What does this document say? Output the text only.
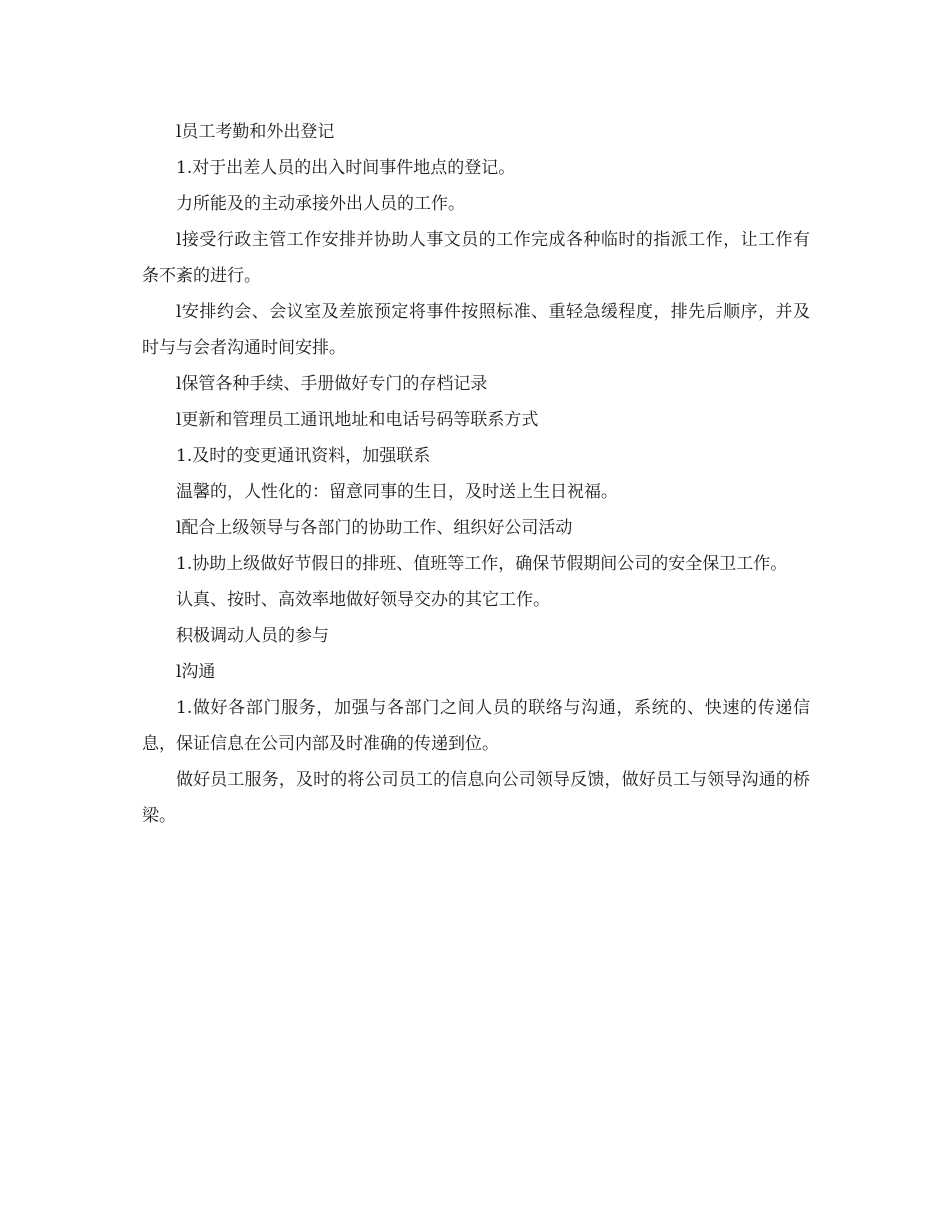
l员工考勤和外出登记

1.对于出差人员的出入时间事件地点的登记。

力所能及的主动承接外出人员的工作。

l接受行政主管工作安排并协助人事文员的工作完成各种临时的指派工作，让工作有条不紊的进行。

l安排约会、会议室及差旅预定将事件按照标准、重轻急缓程度，排先后顺序，并及时与与会者沟通时间安排。

l保管各种手续、手册做好专门的存档记录

l更新和管理员工通讯地址和电话号码等联系方式

1.及时的变更通讯资料，加强联系

温馨的，人性化的：留意同事的生日，及时送上生日祝福。

l配合上级领导与各部门的协助工作、组织好公司活动

1.协助上级做好节假日的排班、值班等工作，确保节假期间公司的安全保卫工作。

认真、按时、高效率地做好领导交办的其它工作。

积极调动人员的参与

l沟通

1.做好各部门服务，加强与各部门之间人员的联络与沟通，系统的、快速的传递信息，保证信息在公司内部及时准确的传递到位。

做好员工服务，及时的将公司员工的信息向公司领导反馈，做好员工与领导沟通的桥梁。
